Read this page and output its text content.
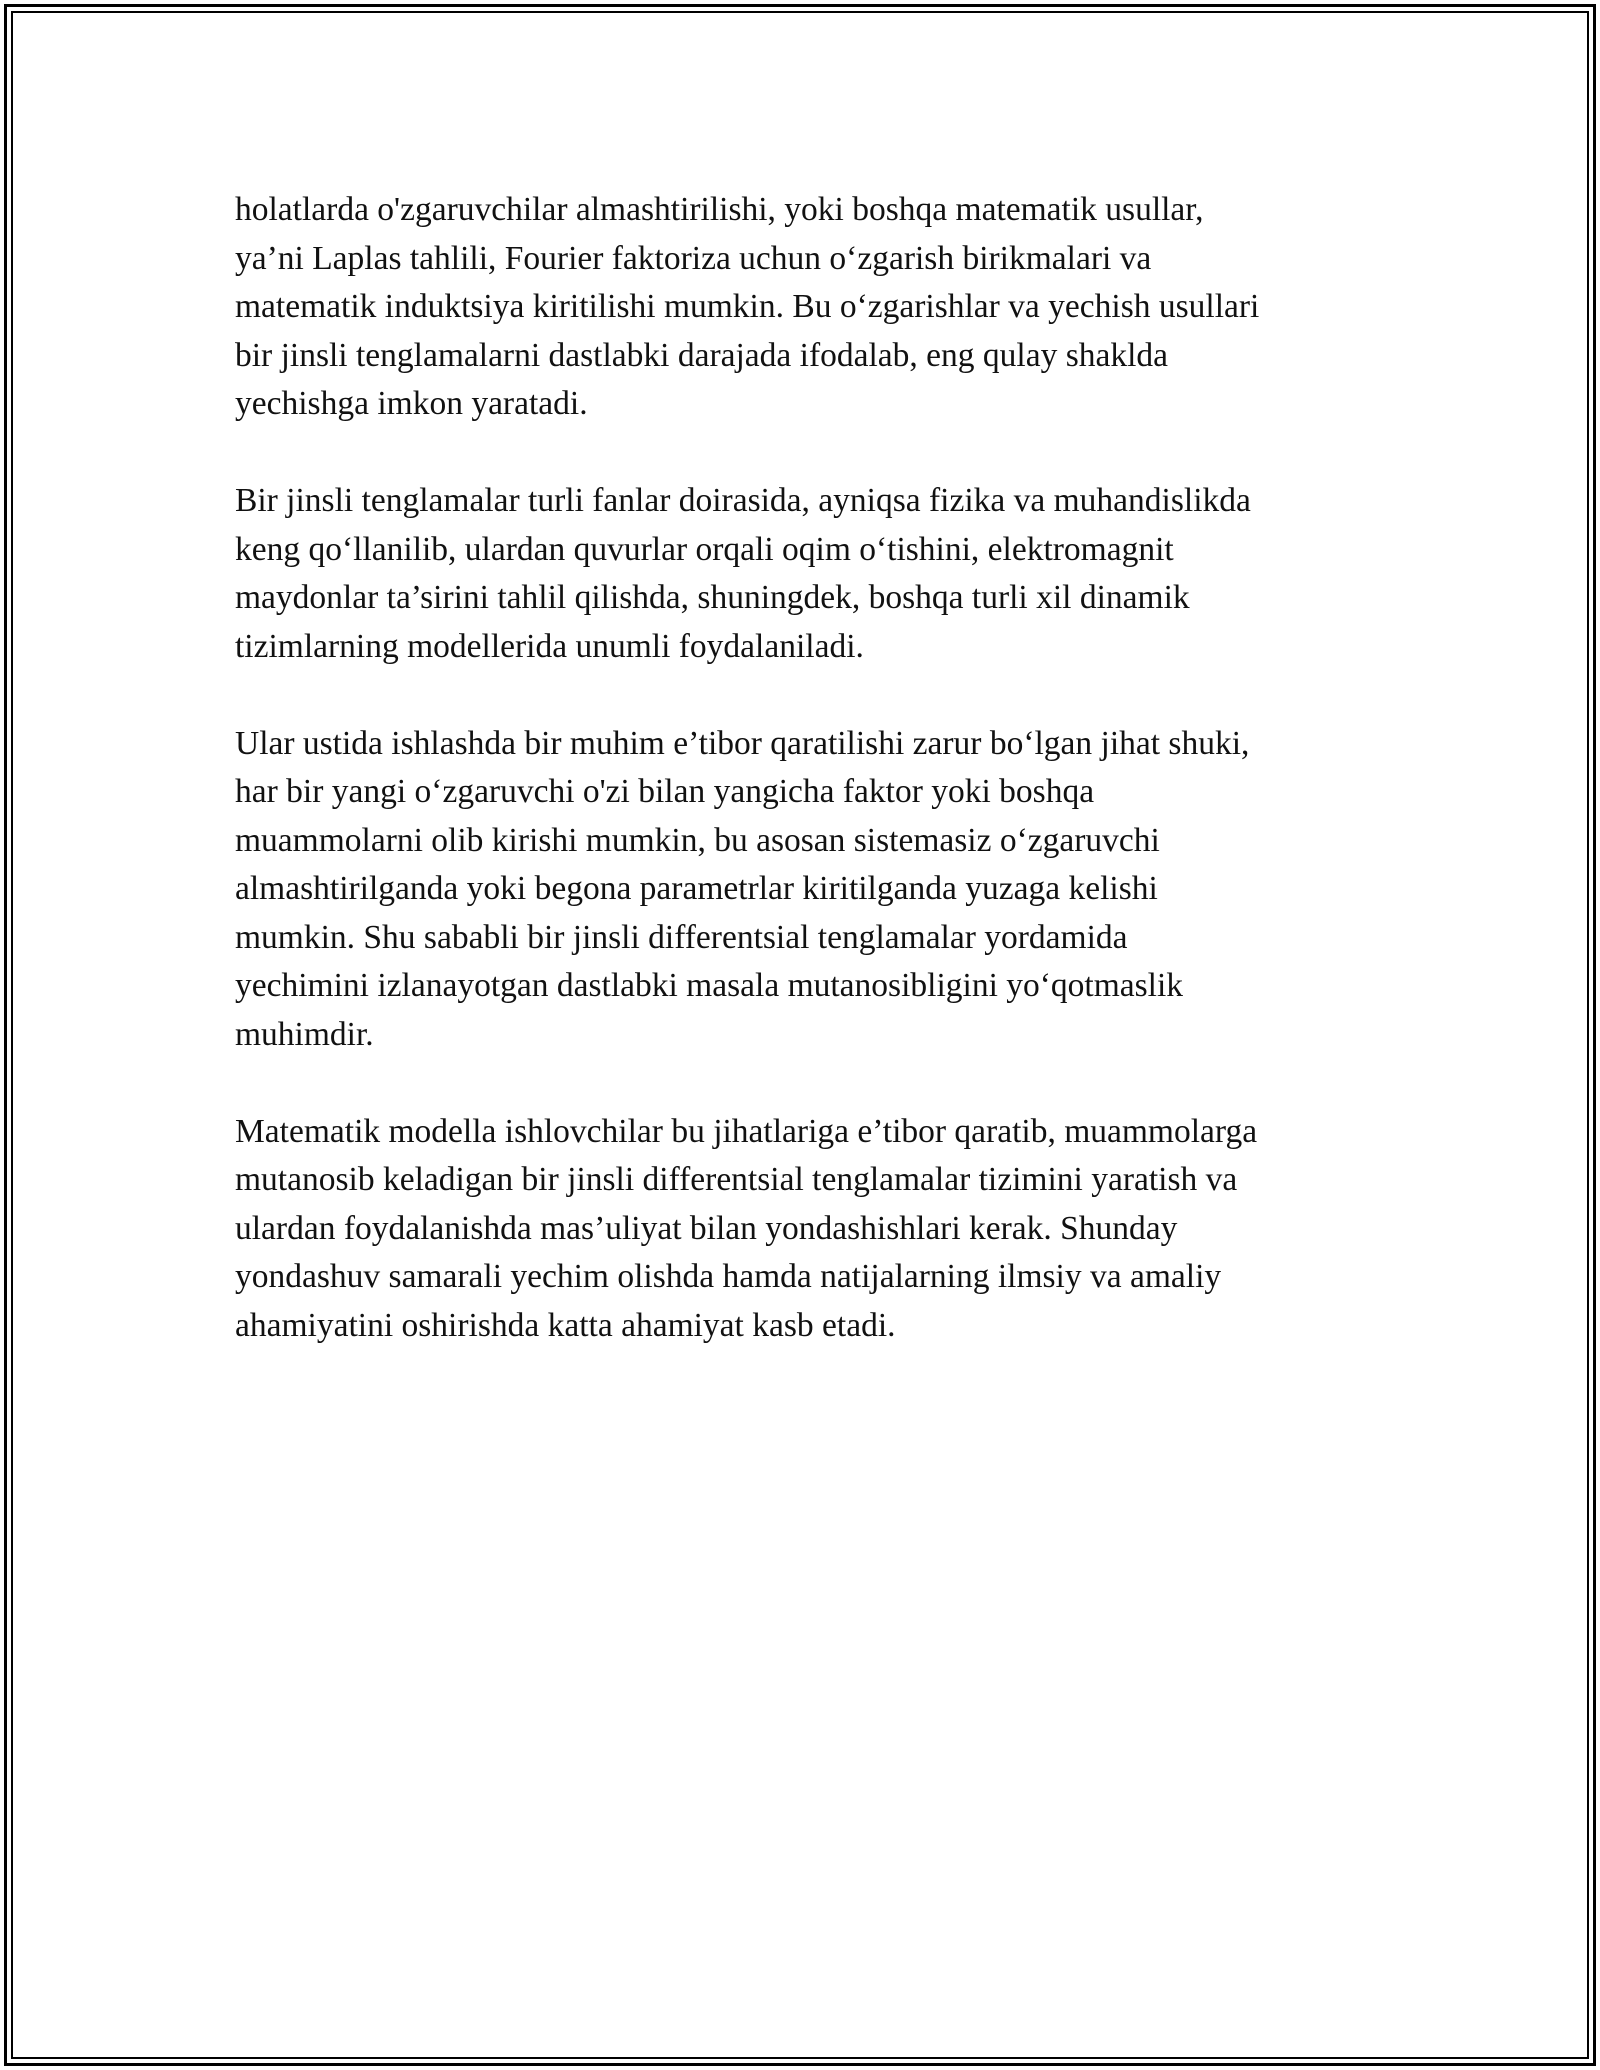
holatlarda o'zgaruvchilar almashtirilishi, yoki boshqa matematik usullar,
ya’ni Laplas tahlili, Fourier faktoriza uchun o‘zgarish birikmalari va
matematik induktsiya kiritilishi mumkin. Bu o‘zgarishlar va yechish usullari
bir jinsli tenglamalarni dastlabki darajada ifodalab, eng qulay shaklda
yechishga imkon yaratadi.

Bir jinsli tenglamalar turli fanlar doirasida, ayniqsa fizika va muhandislikda
keng qo‘llanilib, ulardan quvurlar orqali oqim o‘tishini, elektromagnit
maydonlar ta’sirini tahlil qilishda, shuningdek, boshqa turli xil dinamik
tizimlarning modellerida unumli foydalaniladi.

Ular ustida ishlashda bir muhim e’tibor qaratilishi zarur bo‘lgan jihat shuki,
har bir yangi o‘zgaruvchi o'zi bilan yangicha faktor yoki boshqa
muammolarni olib kirishi mumkin, bu asosan sistemasiz o‘zgaruvchi
almashtirilganda yoki begona parametrlar kiritilganda yuzaga kelishi
mumkin. Shu sababli bir jinsli differentsial tenglamalar yordamida
yechimini izlanayotgan dastlabki masala mutanosibligini yo‘qotmaslik
muhimdir.

Matematik modella ishlovchilar bu jihatlariga e’tibor qaratib, muammolarga
mutanosib keladigan bir jinsli differentsial tenglamalar tizimini yaratish va
ulardan foydalanishda mas’uliyat bilan yondashishlari kerak. Shunday
yondashuv samarali yechim olishda hamda natijalarning ilmsiy va amaliy
ahamiyatini oshirishda katta ahamiyat kasb etadi.
